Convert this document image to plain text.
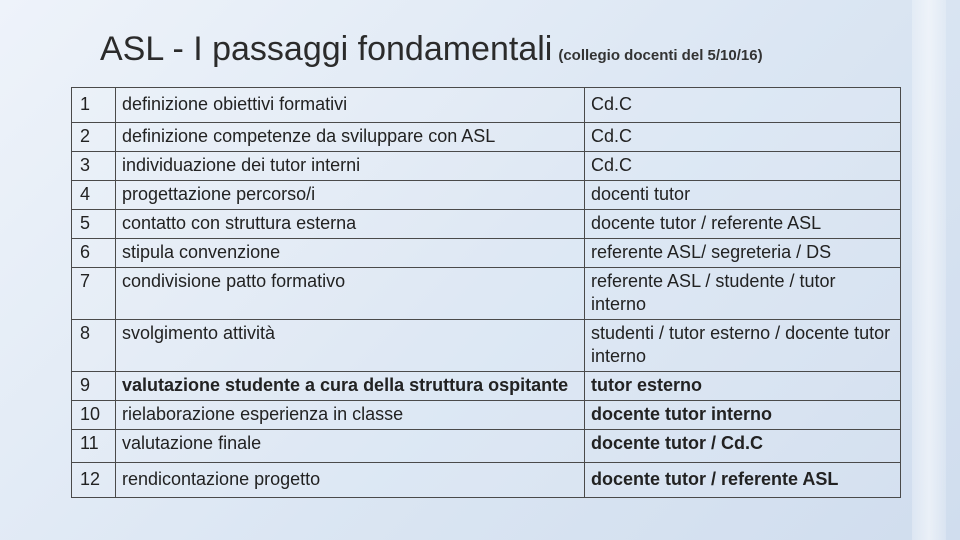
ASL - I passaggi fondamentali (collegio docenti del 5/10/16)
1	definizione obiettivi formativi	Cd.C
2	definizione competenze da sviluppare con ASL	Cd.C
3	individuazione dei tutor interni	Cd.C
4	progettazione percorso/i	docenti tutor
5	contatto con struttura esterna	docente tutor / referente ASL
6	stipula convenzione	referente ASL/ segreteria / DS
7	condivisione patto formativo	referente ASL / studente / tutor interno
8	svolgimento attività	studenti / tutor esterno / docente tutor interno
9	valutazione studente a cura della struttura ospitante	tutor esterno
10	rielaborazione esperienza in classe	docente tutor interno
11	valutazione finale	docente tutor / Cd.C
12	rendicontazione progetto	docente tutor / referente ASL
